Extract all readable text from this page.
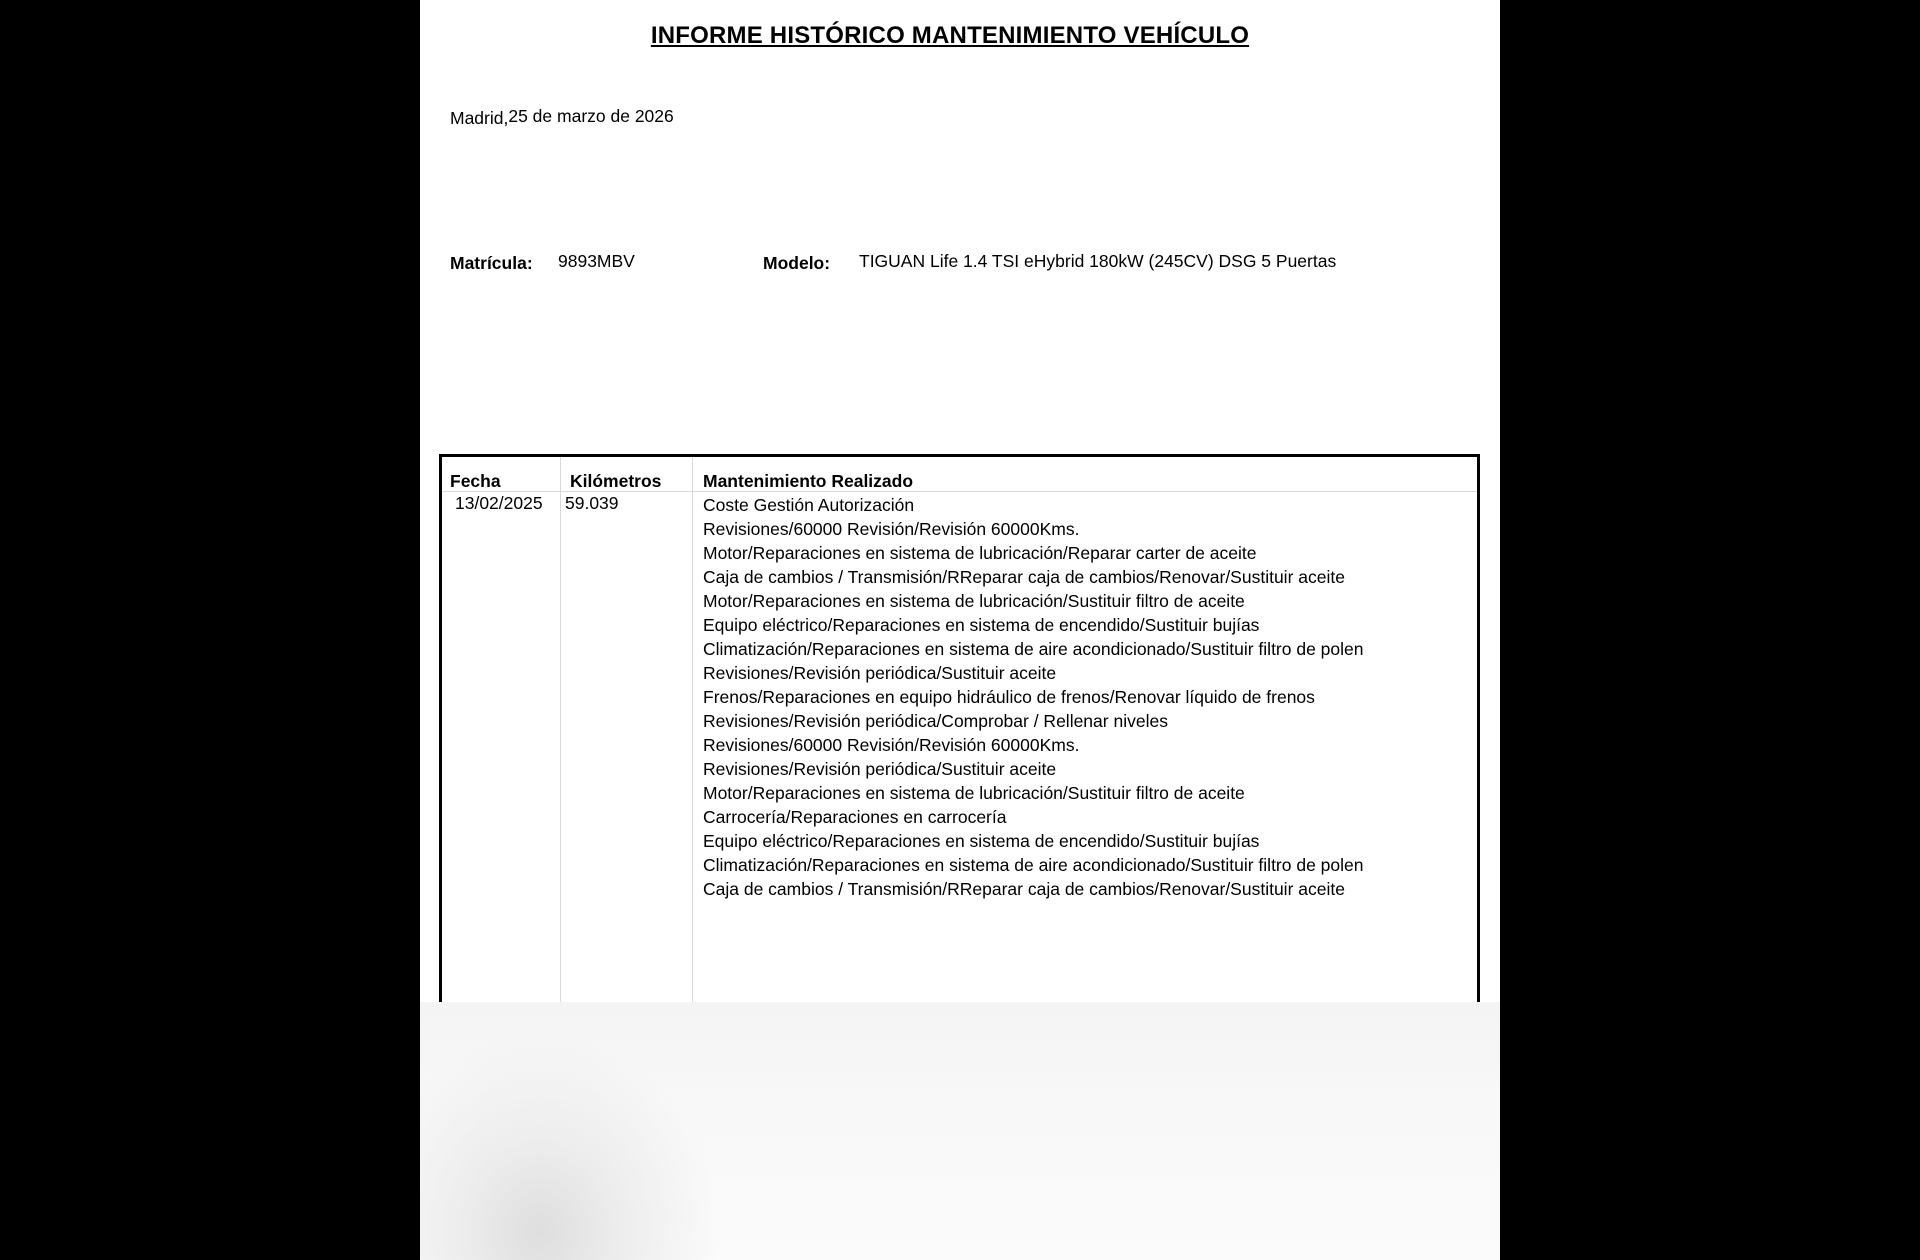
INFORME HISTÓRICO MANTENIMIENTO VEHÍCULO
Madrid,25 de marzo de 2026
Matrícula: 9893MBV	Modelo: TIGUAN Life 1.4 TSI eHybrid 180kW (245CV) DSG 5 Puertas
Fecha	Kilómetros Mantenimiento Realizado
13/02/2025 59.039	Coste Gestión Autorización
Revisiones/60000 Revisión/Revisión 60000Kms.
Motor/Reparaciones en sistema de lubricación/Reparar carter de aceite
Caja de cambios / Transmisión/RReparar caja de cambios/Renovar/Sustituir aceite
Motor/Reparaciones en sistema de lubricación/Sustituir filtro de aceite
Equipo eléctrico/Reparaciones en sistema de encendido/Sustituir bujías
Climatización/Reparaciones en sistema de aire acondicionado/Sustituir filtro de polen
Revisiones/Revisión periódica/Sustituir aceite
Frenos/Reparaciones en equipo hidráulico de frenos/Renovar líquido de frenos
Revisiones/Revisión periódica/Comprobar / Rellenar niveles
Revisiones/60000 Revisión/Revisión 60000Kms.
Revisiones/Revisión periódica/Sustituir aceite
Motor/Reparaciones en sistema de lubricación/Sustituir filtro de aceite
Carrocería/Reparaciones en carrocería
Equipo eléctrico/Reparaciones en sistema de encendido/Sustituir bujías
Climatización/Reparaciones en sistema de aire acondicionado/Sustituir filtro de polen
Caja de cambios / Transmisión/RReparar caja de cambios/Renovar/Sustituir aceite
